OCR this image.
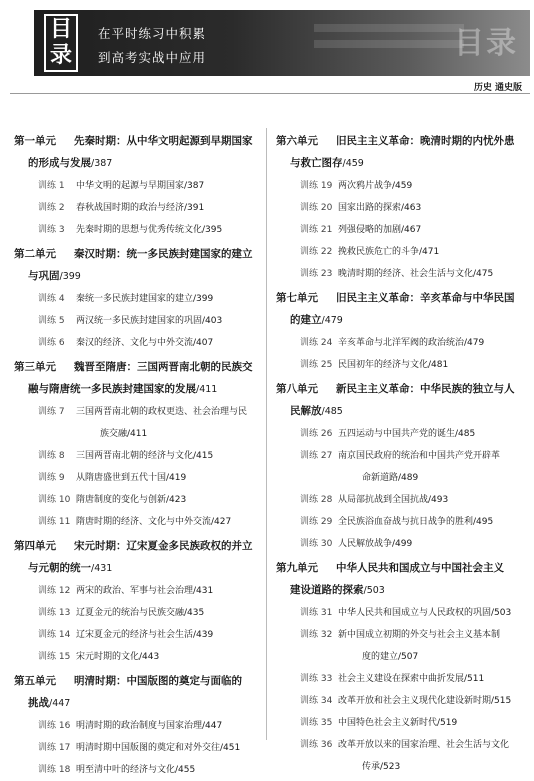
目
录
在平时练习中积累
到高考实战中应用	目录
历史 通史版
第一单元 先秦时期：从中华文明起源到早期国家
的形成与发展/387
训练 1 中华文明的起源与早期国家/387
训练 2 春秋战国时期的政治与经济/391
训练 3 先秦时期的思想与优秀传统文化/395
第二单元 秦汉时期：统一多民族封建国家的建立
与巩固/399
训练 4 秦统一多民族封建国家的建立/399
训练 5 两汉统一多民族封建国家的巩固/403
训练 6 秦汉的经济、文化与中外交流/407
第三单元 魏晋至隋唐：三国两晋南北朝的民族交
融与隋唐统一多民族封建国家的发展/411
训练 7 三国两晋南北朝的政权更迭、社会治理与民
族交融/411
训练 8 三国两晋南北朝的经济与文化/415
训练 9 从隋唐盛世到五代十国/419
训练 10 隋唐制度的变化与创新/423
训练 11 隋唐时期的经济、文化与中外交流/427
第四单元 宋元时期：辽宋夏金多民族政权的并立
与元朝的统一/431
训练 12 两宋的政治、军事与社会治理/431
训练 13 辽夏金元的统治与民族交融/435
训练 14 辽宋夏金元的经济与社会生活/439
训练 15 宋元时期的文化/443
第五单元 明清时期：中国版图的奠定与面临的
挑战/447
训练 16 明清时期的政治制度与国家治理/447
训练 17 明清时期中国版图的奠定和对外交往/451
训练 18 明至清中叶的经济与文化/455
第六单元 旧民主主义革命：晚清时期的内忧外患
与救亡图存/459
训练 19 两次鸦片战争/459
训练 20 国家出路的探索/463
训练 21 列强侵略的加剧/467
训练 22 挽救民族危亡的斗争/471
训练 23 晚清时期的经济、社会生活与文化/475
第七单元 旧民主主义革命：辛亥革命与中华民国
的建立/479
训练 24 辛亥革命与北洋军阀的政治统治/479
训练 25 民国初年的经济与文化/481
第八单元 新民主主义革命：中华民族的独立与人
民解放/485
训练 26 五四运动与中国共产党的诞生/485
训练 27 南京国民政府的统治和中国共产党开辟革
命新道路/489
训练 28 从局部抗战到全国抗战/493
训练 29 全民族浴血奋战与抗日战争的胜利/495
训练 30 人民解放战争/499
第九单元 中华人民共和国成立与中国社会主义
建设道路的探索/503
训练 31 中华人民共和国成立与人民政权的巩固/503
训练 32 新中国成立初期的外交与社会主义基本制
度的建立/507
训练 33 社会主义建设在探索中曲折发展/511
训练 34 改革开放和社会主义现代化建设新时期/515
训练 35 中国特色社会主义新时代/519
训练 36 改革开放以来的国家治理、社会生活与文化
传承/523
